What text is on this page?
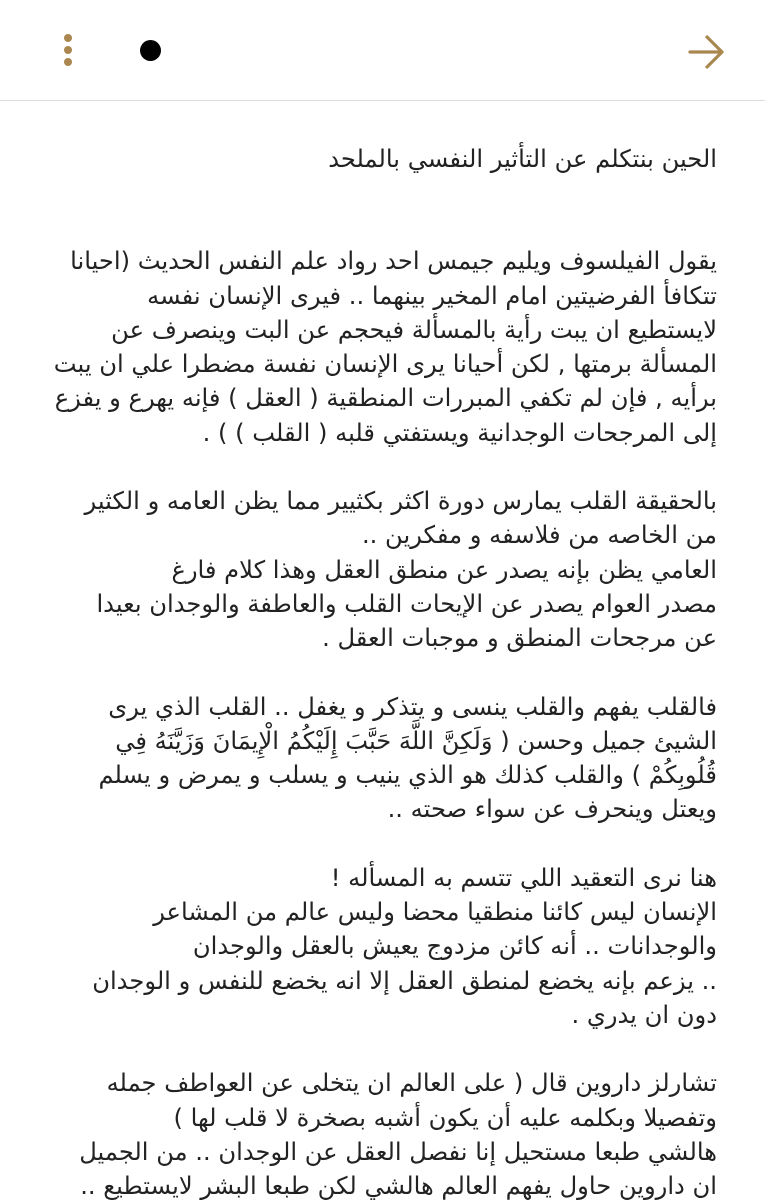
الحين بنتكلم عن التأثير النفسي بالملحد

يقول الفيلسوف ويليم جيمس احد رواد علم النفس الحديث (احيانا
تتكافأ الفرضيتين امام المخير بينهما .. فيرى الإنسان نفسه
لايستطيع ان يبت رأية بالمسألة فيحجم عن البت وينصرف عن
المسألة برمتها , لكن أحيانا يرى الإنسان نفسة مضطرا علي ان يبت
برأيه , فإن لم تكفي المبررات المنطقية ( العقل ) فإنه يهرع و يفزع
إلى المرجحات الوجدانية ويستفتي قلبه ( القلب ) ) .

بالحقيقة القلب يمارس دورة اكثر بكثيير مما يظن العامه و الكثير
من الخاصه من فلاسفه و مفكرين ..
العامي يظن بإنه يصدر عن منطق العقل وهذا كلام فارغ
مصدر العوام يصدر عن الإيحات القلب والعاطفة والوجدان بعيدا
عن مرجحات المنطق و موجبات العقل .

فالقلب يفهم والقلب ينسى و يتذكر و يغفل .. القلب الذي يرى
الشيئ جميل وحسن ( وَلَكِنَّ اللَّهَ حَبَّبَ إِلَيْكُمُ الْإِيمَانَ وَزَيَّنَهُ فِي
قُلُوبِكُمْ ) والقلب كذلك هو الذي ينيب و يسلب و يمرض و يسلم
ويعتل وينحرف عن سواء صحته ..

هنا نرى التعقيد اللي تتسم به المسأله !
الإنسان ليس كائنا منطقيا محضا وليس عالم من المشاعر
والوجدانات .. أنه كائن مزدوج يعيش بالعقل والوجدان
.. يزعم بإنه يخضع لمنطق العقل إلا انه يخضع للنفس و الوجدان
دون ان يدري .

تشارلز داروين قال ( على العالم ان يتخلى عن العواطف جمله
وتفصيلا وبكلمه عليه أن يكون أشبه بصخرة لا قلب لها )
هالشي طبعا مستحيل إنا نفصل العقل عن الوجدان .. من الجميل
ان داروين حاول يفهم العالم هالشي لكن طبعا البشر لايستطيع ..
